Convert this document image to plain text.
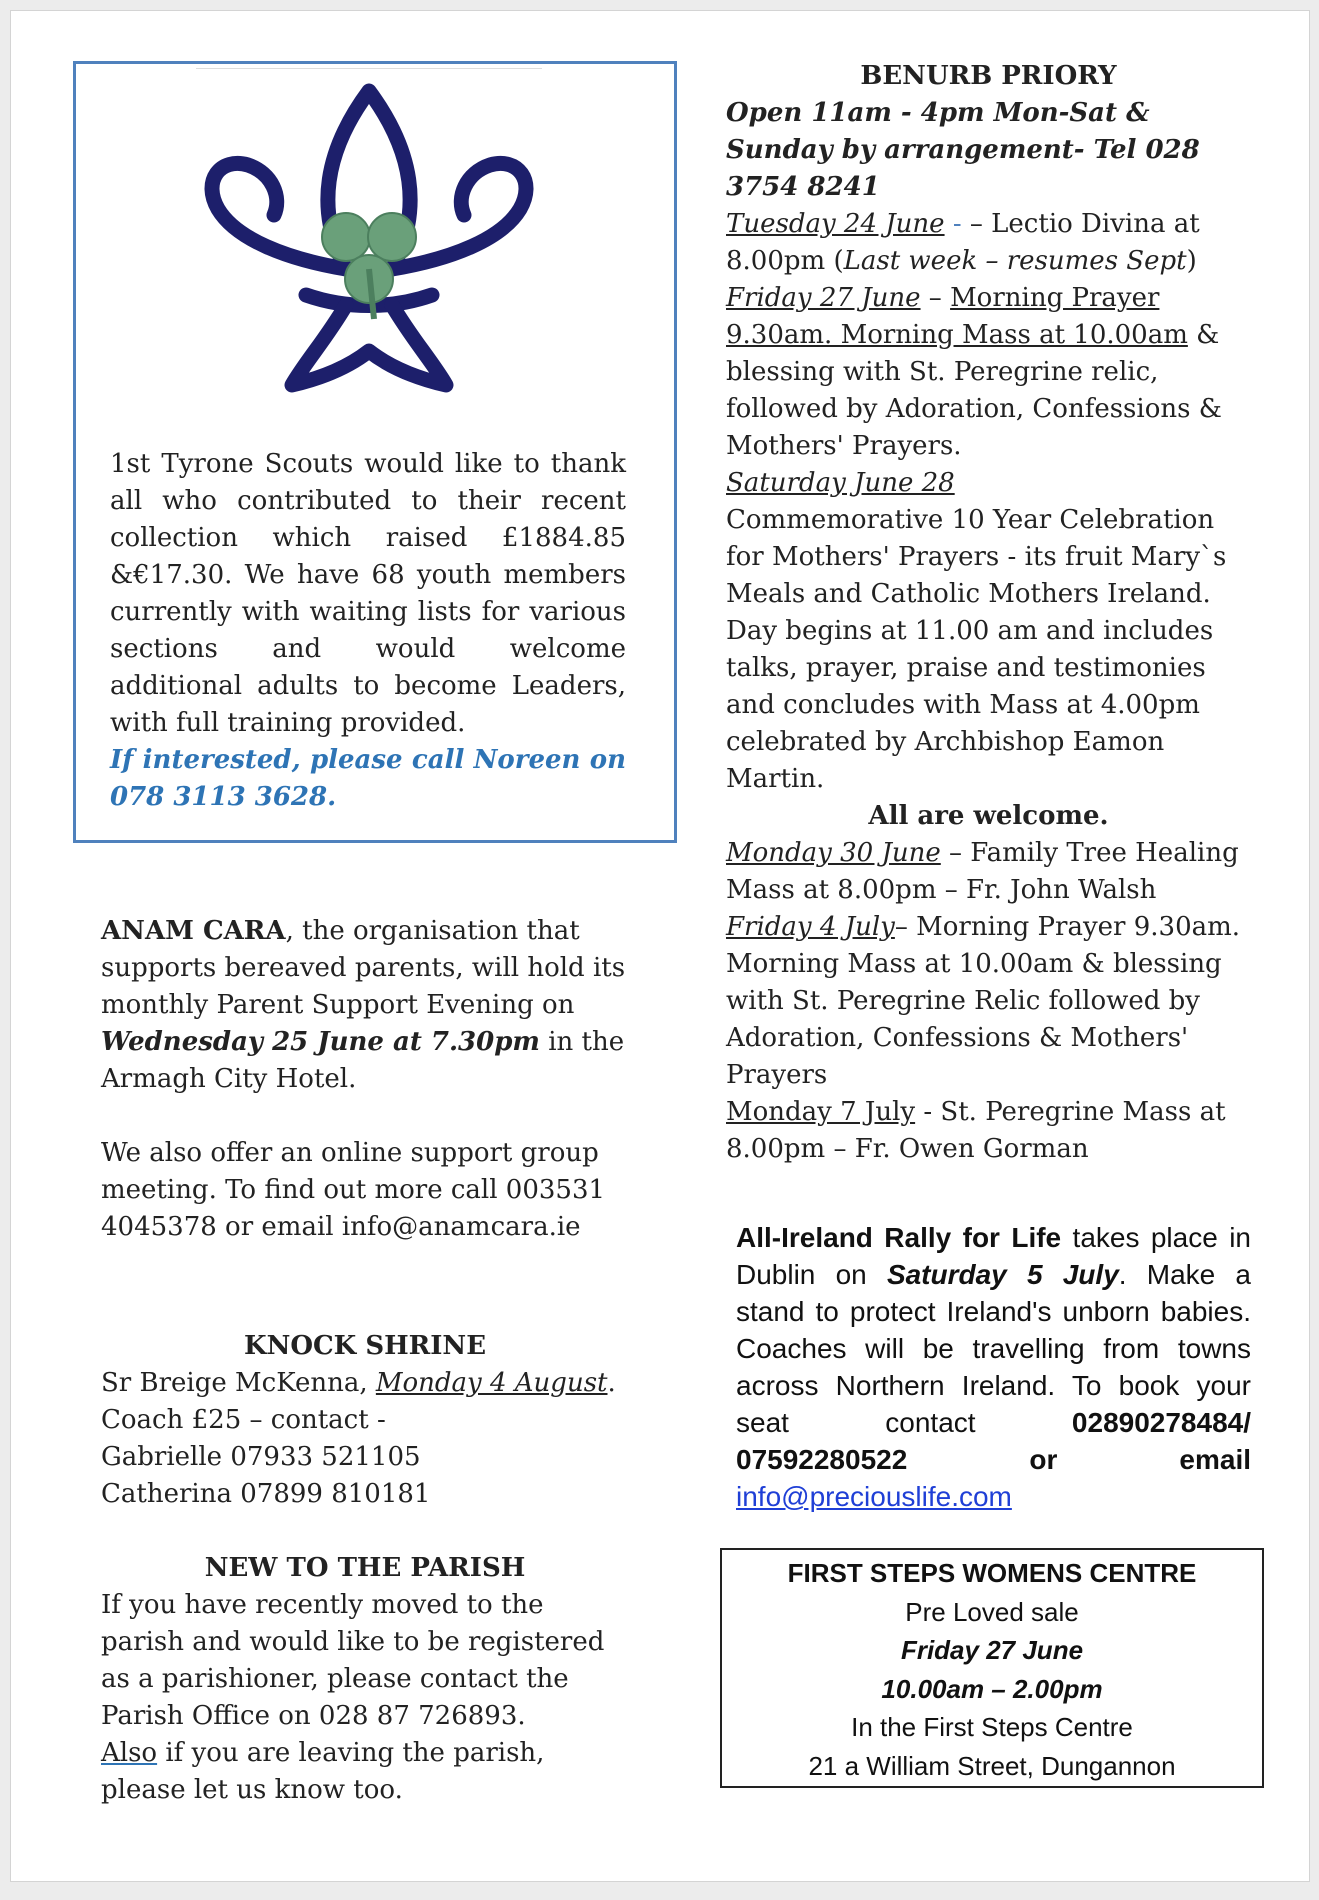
1st Tyrone Scouts would like to thank all who contributed to their recent collection which raised £1884.85 &€17.30. We have 68 youth members currently with waiting lists for various sections and would welcome additional adults to become Leaders, with full training provided.
If interested, please call Noreen on 078 3113 3628.

ANAM CARA, the organisation that supports bereaved parents, will hold its monthly Parent Support Evening on Wednesday 25 June at 7.30pm in the Armagh City Hotel.

We also offer an online support group meeting. To find out more call 003531 4045378 or email info@anamcara.ie

KNOCK SHRINE

Sr Breige McKenna, Monday 4 August.

Coach £25 – contact -

Gabrielle 07933 521105

Catherina 07899 810181

NEW TO THE PARISH

If you have recently moved to the parish and would like to be registered as a parishioner, please contact the Parish Office on 028 87 726893.

Also if you are leaving the parish, please let us know too.

BENURB PRIORY

Open 11am - 4pm Mon-Sat & Sunday by arrangement- Tel 028 3754 8241

Tuesday 24 June - – Lectio Divina at 8.00pm (Last week – resumes Sept)

Friday 27 June – Morning Prayer 9.30am. Morning Mass at 10.00am & blessing with St. Peregrine relic, followed by Adoration, Confessions & Mothers' Prayers.

Saturday June 28

Commemorative 10 Year Celebration for Mothers' Prayers - its fruit Mary`s Meals and Catholic Mothers Ireland. Day begins at 11.00 am and includes talks, prayer, praise and testimonies and concludes with Mass at 4.00pm celebrated by Archbishop Eamon Martin.

All are welcome.

Monday 30 June – Family Tree Healing Mass at 8.00pm – Fr. John Walsh

Friday 4 July– Morning Prayer 9.30am. Morning Mass at 10.00am & blessing with St. Peregrine Relic followed by Adoration, Confessions & Mothers' Prayers

Monday 7 July - St. Peregrine Mass at 8.00pm – Fr. Owen Gorman

All-Ireland Rally for Life takes place in Dublin on Saturday 5 July. Make a stand to protect Ireland's unborn babies. Coaches will be travelling from towns across Northern Ireland. To book your seat contact 02890278484/ 07592280522 or email info@preciouslife.com
FIRST STEPS WOMENS CENTRE
Pre Loved sale
Friday 27 June
10.00am – 2.00pm
In the First Steps Centre
21 a William Street, Dungannon
